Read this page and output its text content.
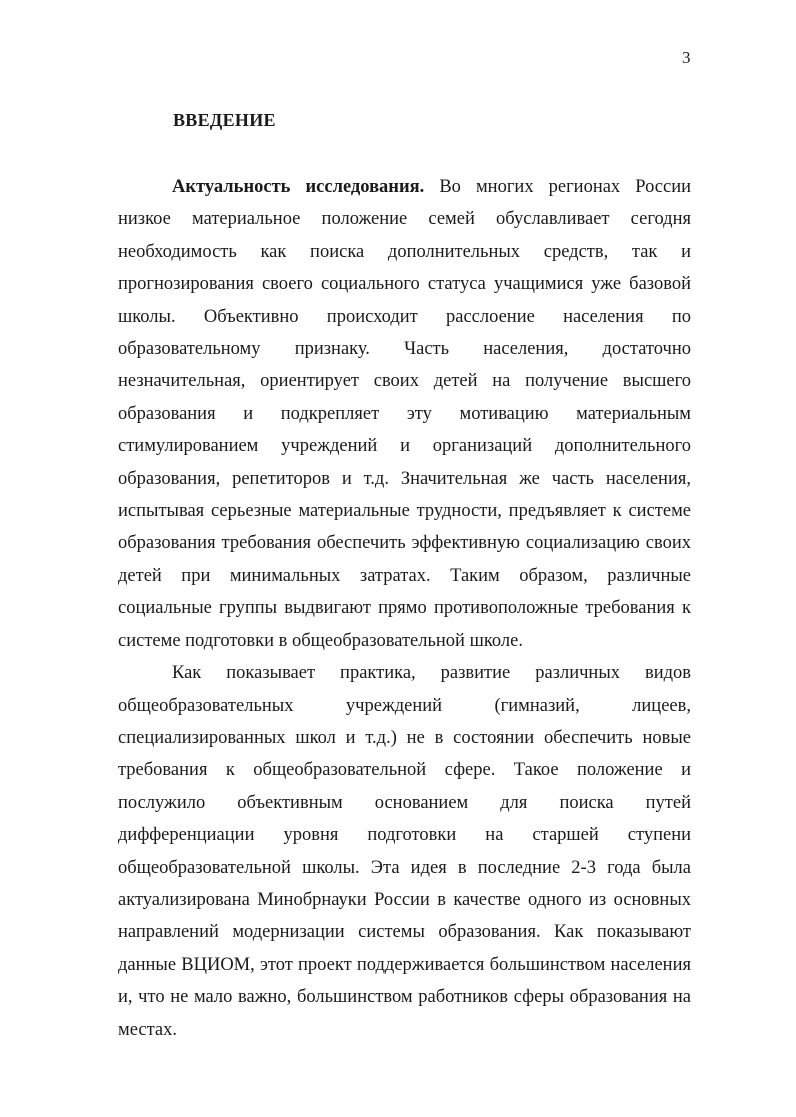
3
ВВЕДЕНИЕ

Актуальность исследования. Во многих регионах России низкое материальное положение семей обуславливает сегодня необходимость как поиска дополнительных средств, так и прогнозирования своего социального статуса учащимися уже базовой школы. Объективно происходит расслоение населения по образовательному признаку. Часть населения, достаточно незначительная, ориентирует своих детей на получение высшего образования и подкрепляет эту мотивацию материальным стимулированием учреждений и организаций дополнительного образования, репетиторов и т.д. Значительная же часть населения, испытывая серьезные материальные трудности, предъявляет к системе образования требования обеспечить эффективную социализацию своих детей при минимальных затратах. Таким образом, различные социальные группы выдвигают прямо противоположные требования к системе подготовки в общеобразовательной школе.

Как показывает практика, развитие различных видов общеобразовательных учреждений (гимназий, лицеев, специализированных школ и т.д.) не в состоянии обеспечить новые требования к общеобразовательной сфере. Такое положение и послужило объективным основанием для поиска путей дифференциации уровня подготовки на старшей ступени общеобразовательной школы. Эта идея в последние 2-3 года была актуализирована Минобрнауки России в качестве одного из основных направлений модернизации системы образования. Как показывают данные ВЦИОМ, этот проект поддерживается большинством населения и, что не мало важно, большинством работников сферы образования на местах.
